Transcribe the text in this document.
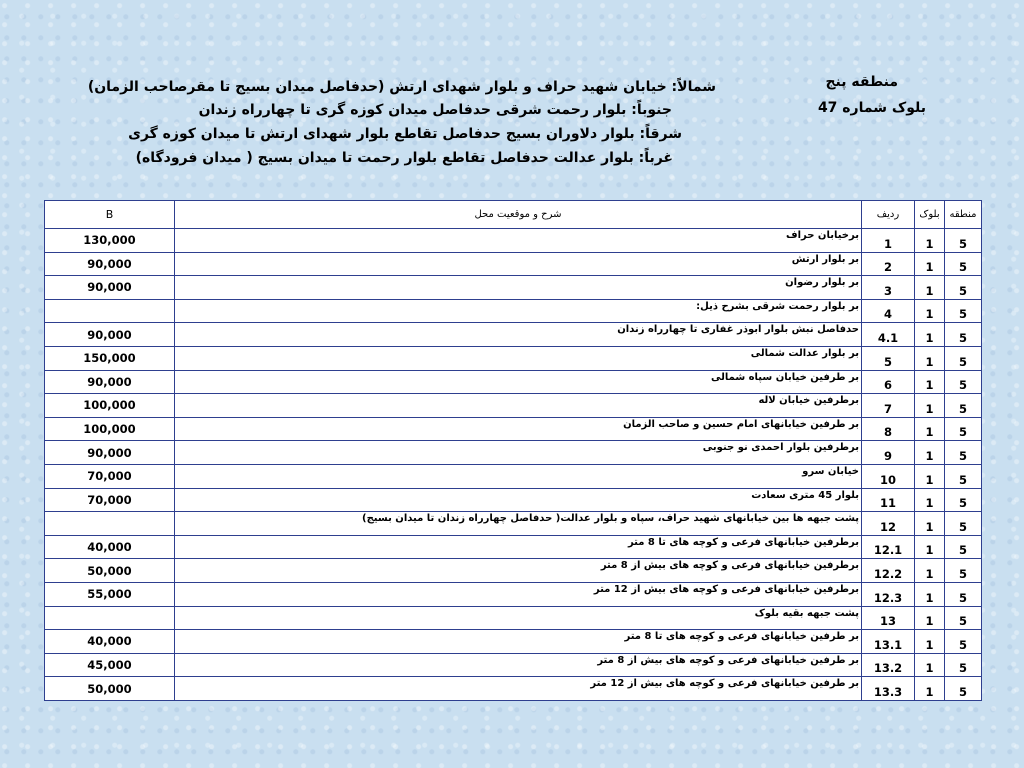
منطقه پنج
بلوک شماره 47
شمالاً: خیابان شهید حراف و بلوار شهدای ارتش (حدفاصل میدان بسیج تا مقرصاحب الزمان)
جنوباً: بلوار رحمت شرقی حدفاصل میدان کوزه گری تا چهارراه زندان
شرقاً: بلوار دلاوران بسیج حدفاصل تقاطع بلوار شهدای ارتش تا میدان کوزه گری
غرباً: بلوار عدالت حدفاصل تقاطع بلوار رحمت تا میدان بسیج ( میدان فرودگاه)
منطقه	بلوک	ردیف	شرح و موقعیت محل	B
5	1	1	برخیابان حراف	130,000
5	1	2	بر بلوار ارتش	90,000
5	1	3	بر بلوار رضوان	90,000
5	1	4	بر بلوار رحمت شرقی بشرح ذیل:	
5	1	4.1	حدفاصل نبش بلوار ابوذر غفاری تا چهارراه زندان	90,000
5	1	5	بر بلوار عدالت شمالی	150,000
5	1	6	بر طرفین خیابان سپاه شمالی	90,000
5	1	7	برطرفین خیابان لاله	100,000
5	1	8	بر طرفین خیابانهای امام حسین و صاحب الزمان	100,000
5	1	9	برطرفین بلوار احمدی نو جنوبی	90,000
5	1	10	خیابان سرو	70,000
5	1	11	بلوار 45 متری سعادت	70,000
5	1	12	پشت جبهه ها بین خیابانهای شهید حراف، سپاه و بلوار عدالت( حدفاصل چهارراه زندان تا میدان بسیج)	
5	1	12.1	برطرفین خیابانهای فرعی و کوچه های تا 8 متر	40,000
5	1	12.2	برطرفین خیابانهای فرعی و کوچه های بیش از 8 متر	50,000
5	1	12.3	برطرفین خیابانهای فرعی و کوچه های بیش از 12 متر	55,000
5	1	13	پشت جبهه بقیه بلوک	
5	1	13.1	بر طرفین خیابانهای فرعی و کوچه های تا 8 متر	40,000
5	1	13.2	بر طرفین خیابانهای فرعی و کوچه های بیش از 8 متر	45,000
5	1	13.3	بر طرفین خیابانهای فرعی و کوچه های بیش از 12 متر	50,000
